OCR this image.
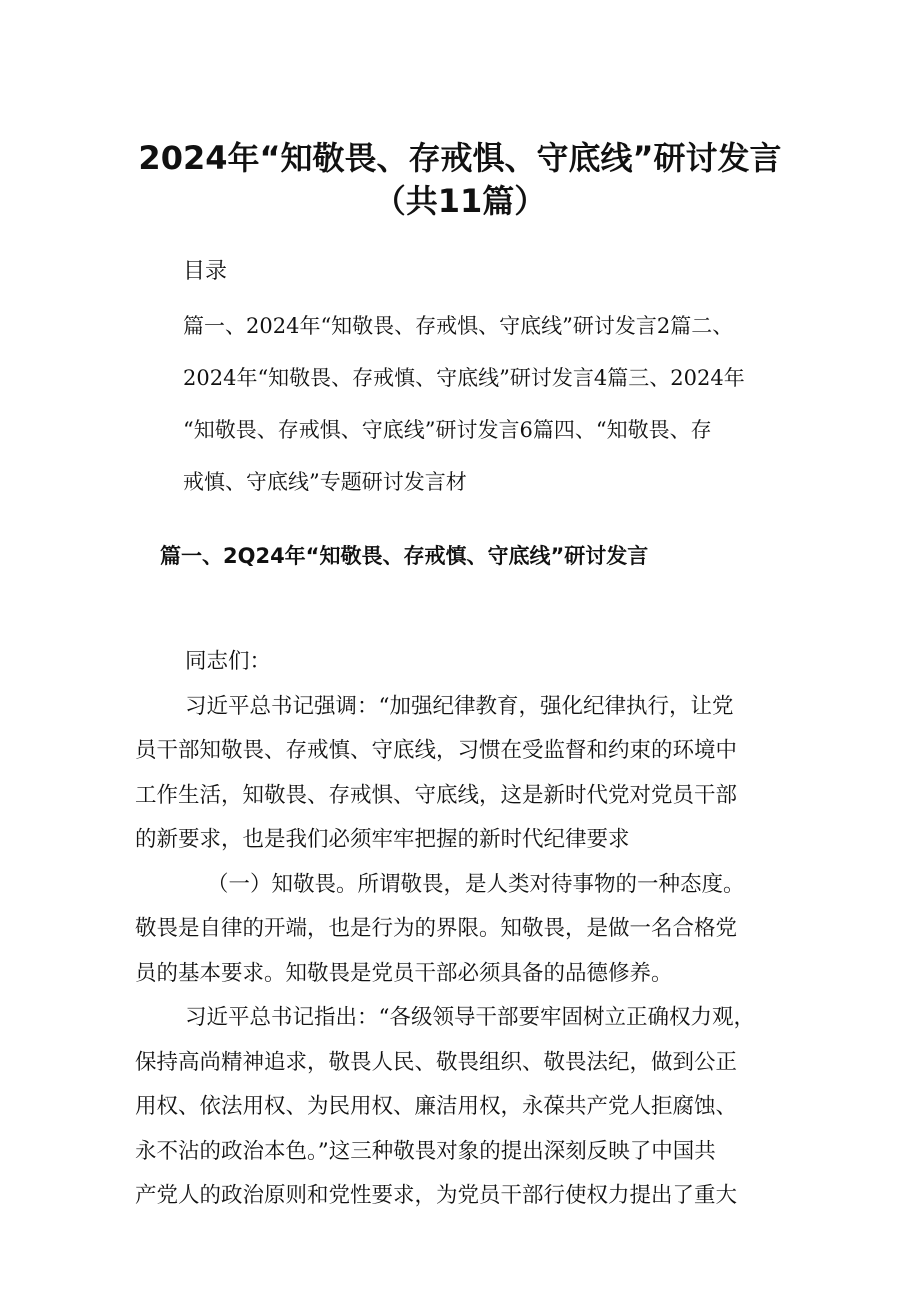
2024年“知敬畏、存戒惧、守底线”研讨发言
（共11篇）
目录
篇一、2024年“知敬畏、存戒惧、守底线”研讨发言2篇二、
2024年“知敬畏、存戒慎、守底线”研讨发言4篇三、2024年
“知敬畏、存戒惧、守底线”研讨发言6篇四、“知敬畏、存
戒慎、守底线”专题研讨发言材
篇一、2Q24年“知敬畏、存戒慎、守底线”研讨发言
同志们：
习近平总书记强调：“加强纪律教育，强化纪律执行，让党
员干部知敬畏、存戒慎、守底线，习惯在受监督和约束的环境中
工作生活，知敬畏、存戒惧、守底线，这是新时代党对党员干部
的新要求，也是我们必须牢牢把握的新时代纪律要求
（一）知敬畏。所谓敬畏，是人类对待事物的一种态度。
敬畏是自律的开端，也是行为的界限。知敬畏，是做一名合格党
员的基本要求。知敬畏是党员干部必须具备的品德修养。
习近平总书记指出：“各级领导干部要牢固树立正确权力观，
保持高尚精神追求，敬畏人民、敬畏组织、敬畏法纪，做到公正
用权、依法用权、为民用权、廉洁用权，永葆共产党人拒腐蚀、
永不沾的政治本色。”这三种敬畏对象的提出深刻反映了中国共
产党人的政治原则和党性要求，为党员干部行使权力提出了重大
